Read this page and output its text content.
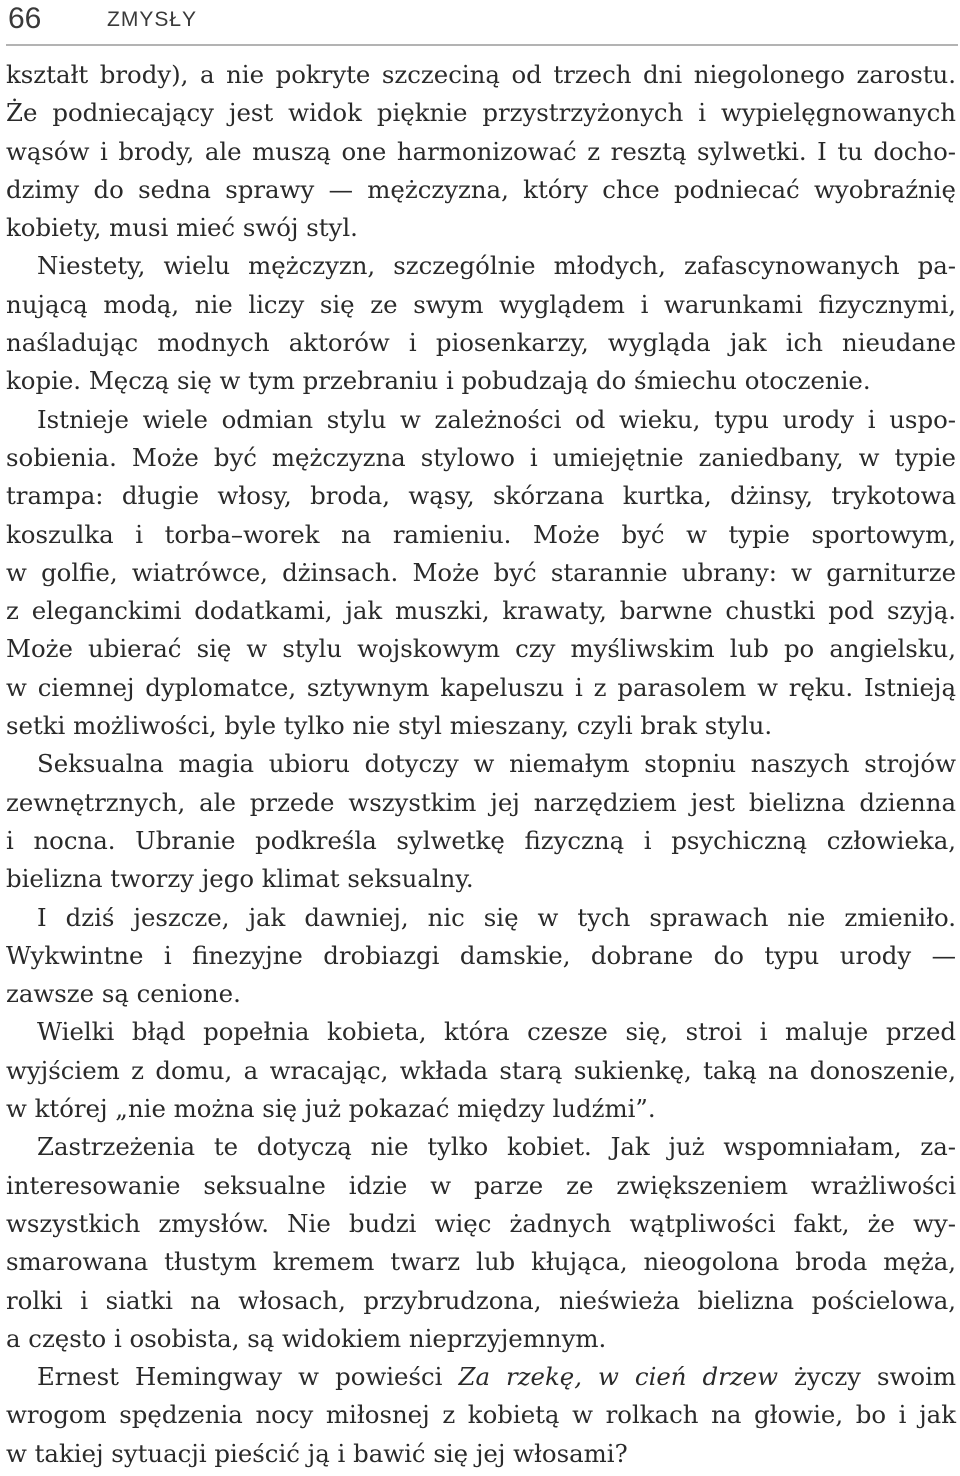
66	ZMYSŁY
kształt brody), a nie pokryte szczeciną od trzech dni niegolonego zarostu.
Że podniecający jest widok pięknie przystrzyżonych i wypielęgnowanych
wąsów i brody, ale muszą one harmonizować z resztą sylwetki. I tu docho-
dzimy do sedna sprawy — mężczyzna, który chce podniecać wyobraźnię
kobiety, musi mieć swój styl.
Niestety, wielu mężczyzn, szczególnie młodych, zafascynowanych pa-
nującą modą, nie liczy się ze swym wyglądem i warunkami fizycznymi,
naśladując modnych aktorów i piosenkarzy, wygląda jak ich nieudane
kopie. Męczą się w tym przebraniu i pobudzają do śmiechu otoczenie.
Istnieje wiele odmian stylu w zależności od wieku, typu urody i uspo-
sobienia. Może być mężczyzna stylowo i umiejętnie zaniedbany, w typie
trampa: długie włosy, broda, wąsy, skórzana kurtka, dżinsy, trykotowa
koszulka i torba–worek na ramieniu. Może być w typie sportowym,
w golfie, wiatrówce, dżinsach. Może być starannie ubrany: w garniturze
z eleganckimi dodatkami, jak muszki, krawaty, barwne chustki pod szyją.
Może ubierać się w stylu wojskowym czy myśliwskim lub po angielsku,
w ciemnej dyplomatce, sztywnym kapeluszu i z parasolem w ręku. Istnieją
setki możliwości, byle tylko nie styl mieszany, czyli brak stylu.
Seksualna magia ubioru dotyczy w niemałym stopniu naszych strojów
zewnętrznych, ale przede wszystkim jej narzędziem jest bielizna dzienna
i nocna. Ubranie podkreśla sylwetkę fizyczną i psychiczną człowieka,
bielizna tworzy jego klimat seksualny.
I dziś jeszcze, jak dawniej, nic się w tych sprawach nie zmieniło.
Wykwintne i finezyjne drobiazgi damskie, dobrane do typu urody —
zawsze są cenione.
Wielki błąd popełnia kobieta, która czesze się, stroi i maluje przed
wyjściem z domu, a wracając, wkłada starą sukienkę, taką na donoszenie,
w której „nie można się już pokazać między ludźmi”.
Zastrzeżenia te dotyczą nie tylko kobiet. Jak już wspomniałam, za-
interesowanie seksualne idzie w parze ze zwiększeniem wrażliwości
wszystkich zmysłów. Nie budzi więc żadnych wątpliwości fakt, że wy-
smarowana tłustym kremem twarz lub kłująca, nieogolona broda męża,
rolki i siatki na włosach, przybrudzona, nieświeża bielizna pościelowa,
a często i osobista, są widokiem nieprzyjemnym.
Ernest Hemingway w powieści Za rzekę, w cień drzew życzy swoim
wrogom spędzenia nocy miłosnej z kobietą w rolkach na głowie, bo i jak
w takiej sytuacji pieścić ją i bawić się jej włosami?
